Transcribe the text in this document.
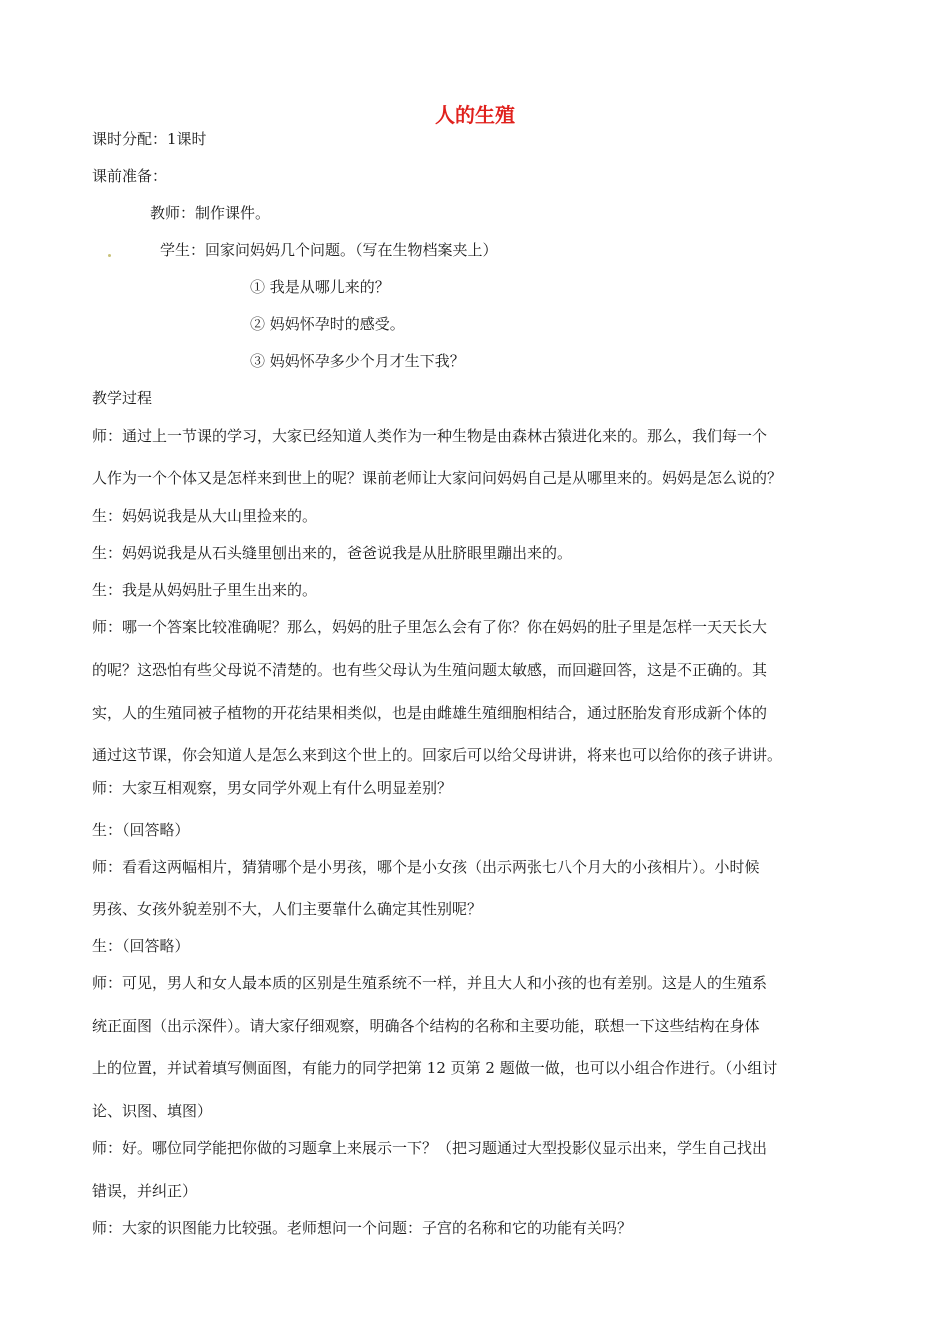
人的生殖
课时分配：1课时
课前准备：
教师：制作课件。
学生：回家问妈妈几个问题。（写在生物档案夹上）
① 我是从哪儿来的？
② 妈妈怀孕时的感受。
③ 妈妈怀孕多少个月才生下我？
教学过程
师：通过上一节课的学习，大家已经知道人类作为一种生物是由森林古猿进化来的。那么，我们每一个
人作为一个个体又是怎样来到世上的呢？课前老师让大家问问妈妈自己是从哪里来的。妈妈是怎么说的？
生：妈妈说我是从大山里捡来的。
生：妈妈说我是从石头缝里刨出来的，爸爸说我是从肚脐眼里蹦出来的。
生：我是从妈妈肚子里生出来的。
师：哪一个答案比较准确呢？那么，妈妈的肚子里怎么会有了你？你在妈妈的肚子里是怎样一天天长大
的呢？这恐怕有些父母说不清楚的。也有些父母认为生殖问题太敏感，而回避回答，这是不正确的。其
实，人的生殖同被子植物的开花结果相类似，也是由雌雄生殖细胞相结合，通过胚胎发育形成新个体的
通过这节课，你会知道人是怎么来到这个世上的。回家后可以给父母讲讲，将来也可以给你的孩子讲讲。
师：大家互相观察，男女同学外观上有什么明显差别？
生：（回答略）
师：看看这两幅相片，猜猜哪个是小男孩，哪个是小女孩（出示两张七八个月大的小孩相片）。小时候
男孩、女孩外貌差别不大，人们主要靠什么确定其性别呢？
生：（回答略）
师：可见，男人和女人最本质的区别是生殖系统不一样，并且大人和小孩的也有差别。这是人的生殖系
统正面图（出示深件）。请大家仔细观察，明确各个结构的名称和主要功能，联想一下这些结构在身体
上的位置，并试着填写侧面图，有能力的同学把第 12 页第 2 题做一做，也可以小组合作进行。（小组讨
论、识图、填图）
师：好。哪位同学能把你做的习题拿上来展示一下？（把习题通过大型投影仪显示出来，学生自己找出
错误，并纠正）
师：大家的识图能力比较强。老师想问一个问题：子宫的名称和它的功能有关吗？
